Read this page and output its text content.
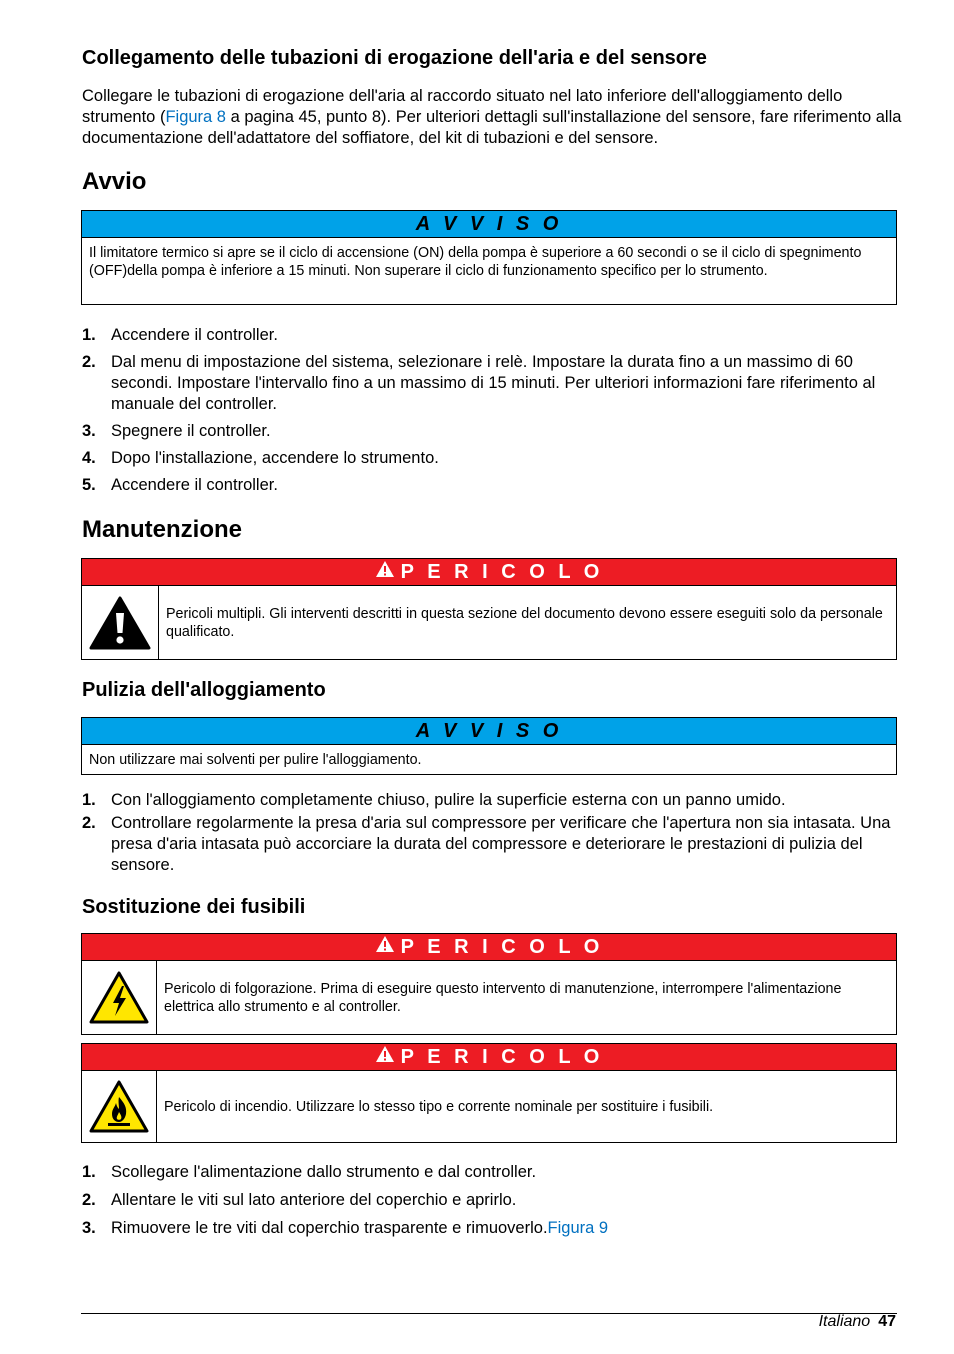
Collegamento delle tubazioni di erogazione dell'aria e del sensore
Collegare le tubazioni di erogazione dell'aria al raccordo situato nel lato inferiore dell'alloggiamento dello strumento (Figura 8 a pagina 45, punto 8). Per ulteriori dettagli sull'installazione del sensore, fare riferimento alla documentazione dell'adattatore del soffiatore, del kit di tubazioni e del sensore.
Avvio
A V V I S O
Il limitatore termico si apre se il ciclo di accensione (ON) della pompa è superiore a 60 secondi o se il ciclo di spegnimento (OFF)della pompa è inferiore a 15 minuti. Non superare il ciclo di funzionamento specifico per lo strumento.
1. Accendere il controller.
2. Dal menu di impostazione del sistema, selezionare i relè. Impostare la durata fino a un massimo di 60 secondi. Impostare l'intervallo fino a un massimo di 15 minuti. Per ulteriori informazioni fare riferimento al manuale del controller.
3. Spegnere il controller.
4. Dopo l'installazione, accendere lo strumento.
5. Accendere il controller.
Manutenzione
P E R I C O L O
Pericoli multipli. Gli interventi descritti in questa sezione del documento devono essere eseguiti solo da personale qualificato.
Pulizia dell'alloggiamento
A V V I S O
Non utilizzare mai solventi per pulire l'alloggiamento.
1. Con l'alloggiamento completamente chiuso, pulire la superficie esterna con un panno umido.
2. Controllare regolarmente la presa d'aria sul compressore per verificare che l'apertura non sia intasata. Una presa d'aria intasata può accorciare la durata del compressore e deteriorare le prestazioni di pulizia del sensore.
Sostituzione dei fusibili
P E R I C O L O
Pericolo di folgorazione. Prima di eseguire questo intervento di manutenzione, interrompere l'alimentazione elettrica allo strumento e al controller.
P E R I C O L O
Pericolo di incendio. Utilizzare lo stesso tipo e corrente nominale per sostituire i fusibili.
1. Scollegare l'alimentazione dallo strumento e dal controller.
2. Allentare le viti sul lato anteriore del coperchio e aprirlo.
3. Rimuovere le tre viti dal coperchio trasparente e rimuoverlo.Figura 9
Italiano 47
